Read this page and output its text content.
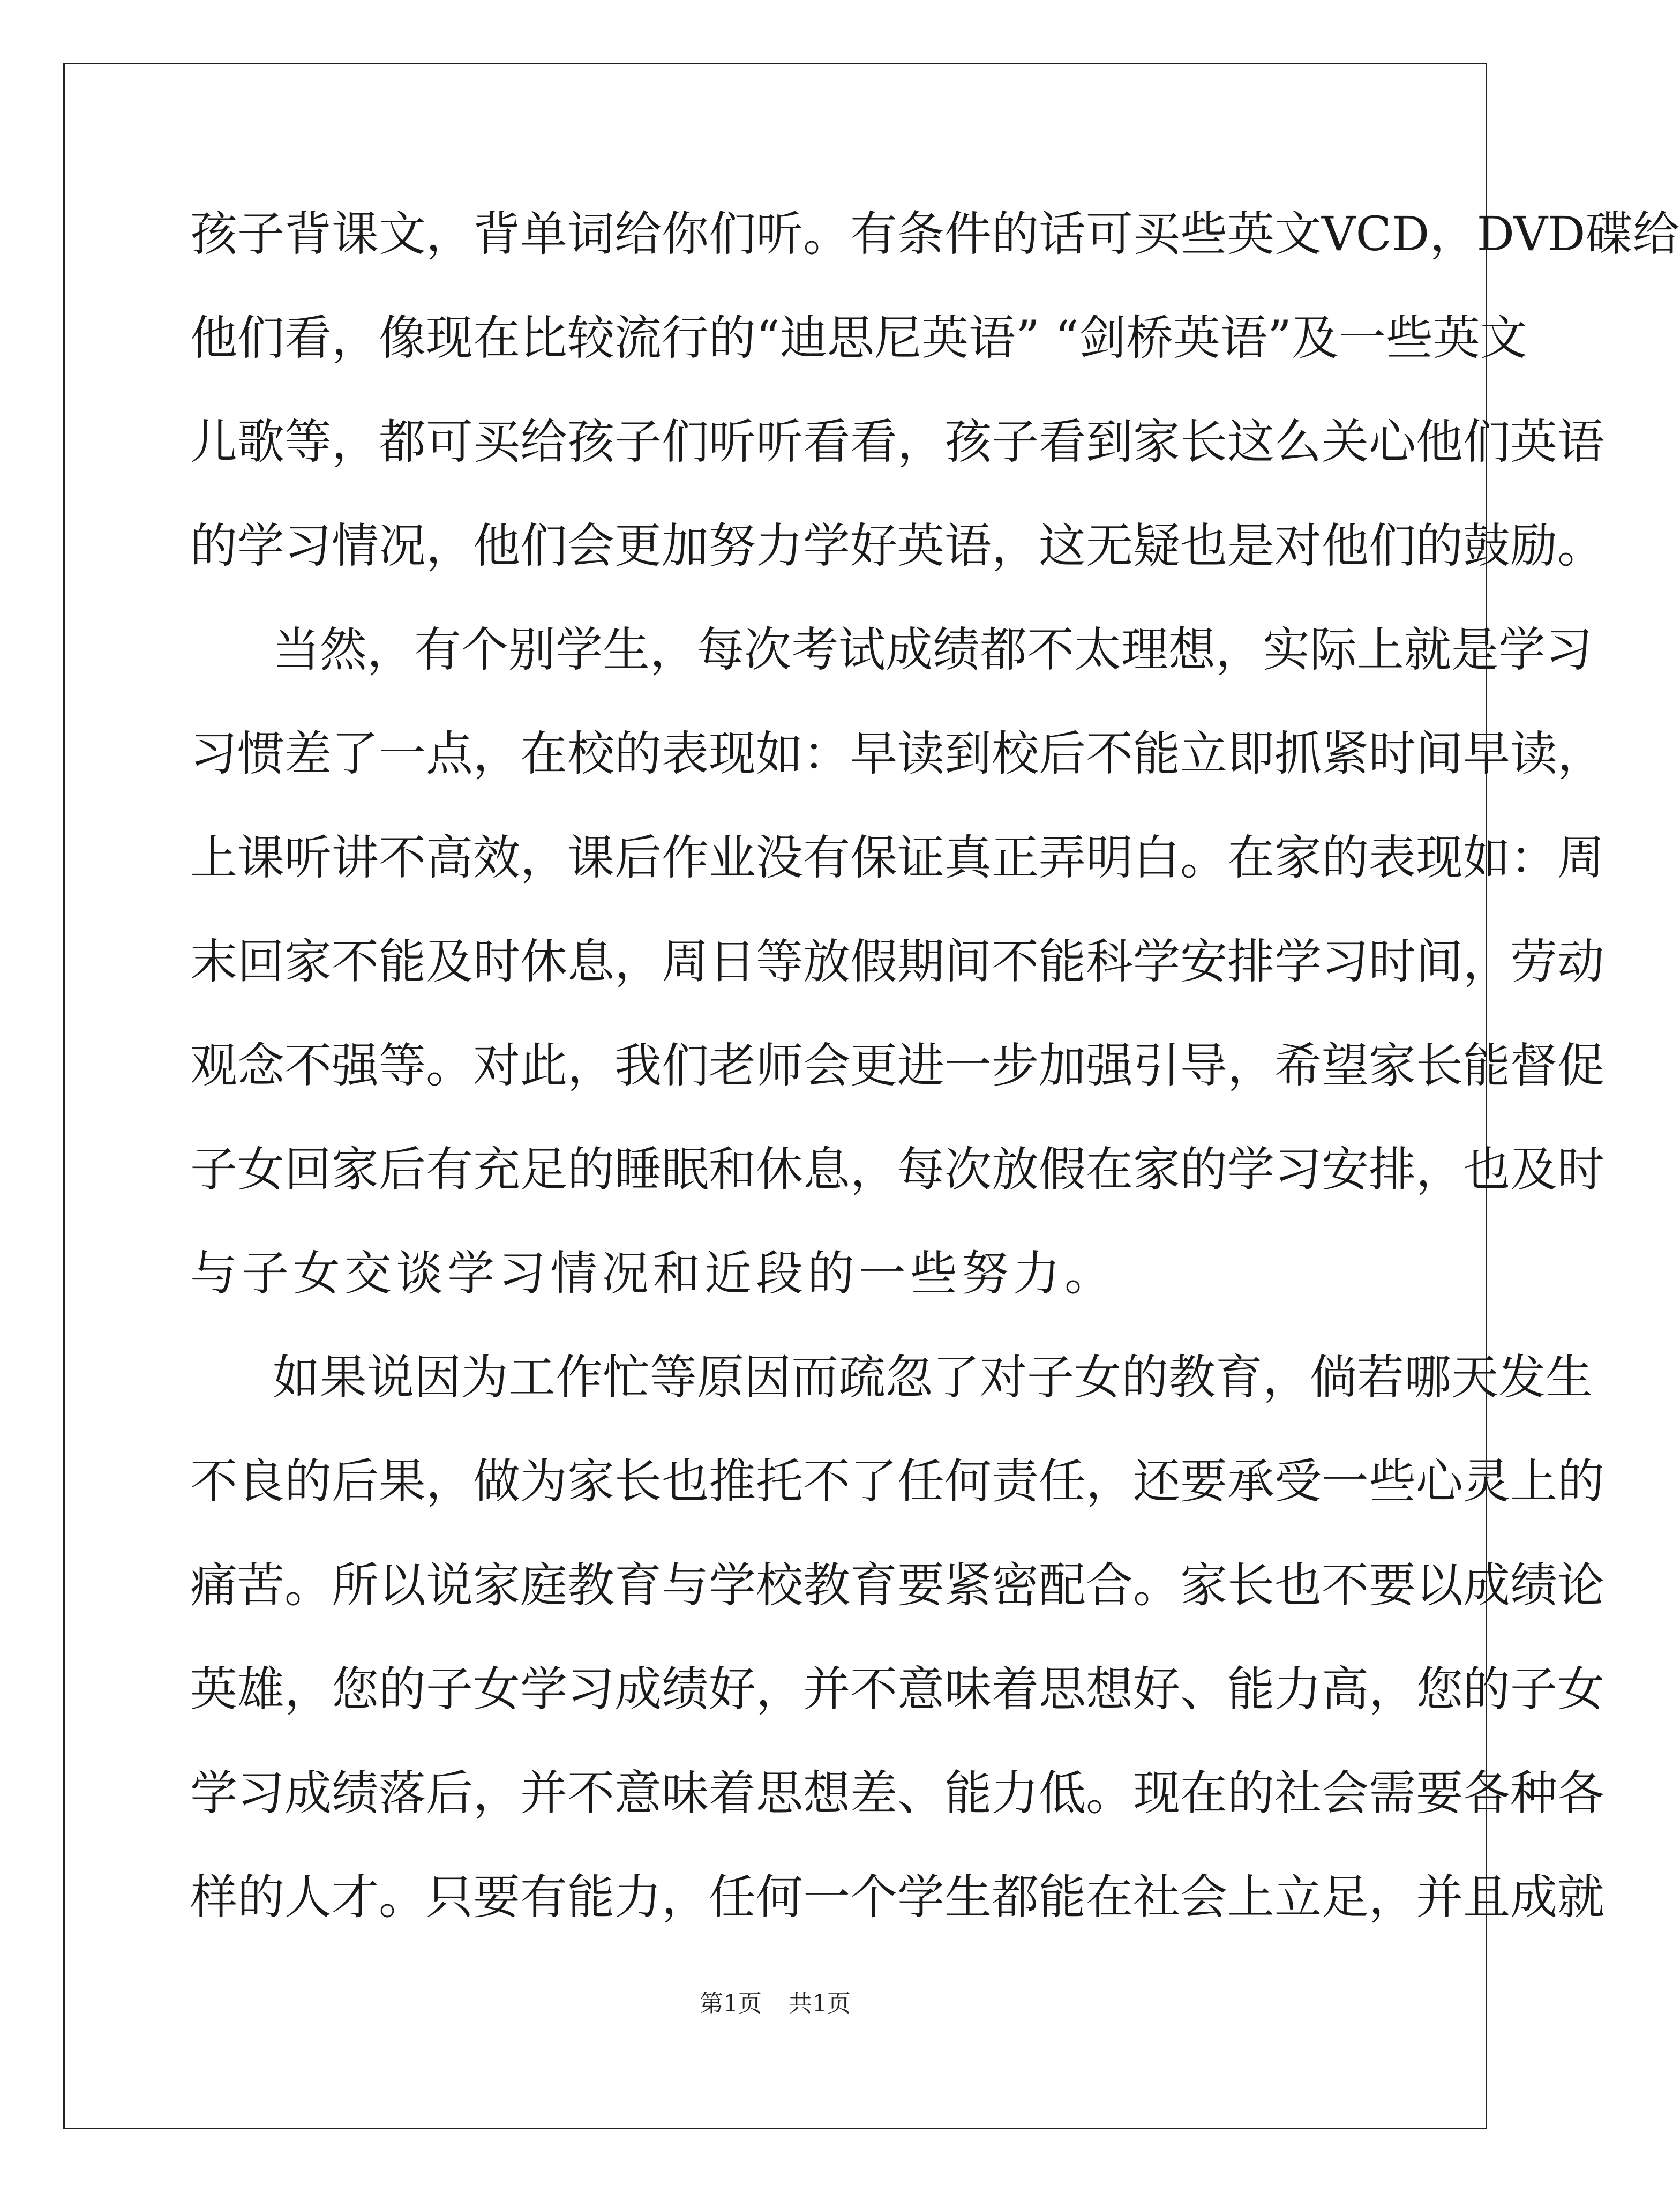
孩子背课文，背单词给你们听。有条件的话可买些英文VCD，DVD碟给
他们看，像现在比较流行的“迪思尼英语” “剑桥英语”及一些英文
儿歌等，都可买给孩子们听听看看，孩子看到家长这么关心他们英语
的学习情况，他们会更加努力学好英语，这无疑也是对他们的鼓励。
当然，有个别学生，每次考试成绩都不太理想，实际上就是学习
习惯差了一点，在校的表现如：早读到校后不能立即抓紧时间早读，
上课听讲不高效，课后作业没有保证真正弄明白。在家的表现如：周
末回家不能及时休息，周日等放假期间不能科学安排学习时间，劳动
观念不强等。对此，我们老师会更进一步加强引导，希望家长能督促
子女回家后有充足的睡眠和休息，每次放假在家的学习安排，也及时
与子女交谈学习情况和近段的一些努力。
如果说因为工作忙等原因而疏忽了对子女的教育，倘若哪天发生
不良的后果，做为家长也推托不了任何责任，还要承受一些心灵上的
痛苦。所以说家庭教育与学校教育要紧密配合。家长也不要以成绩论
英雄，您的子女学习成绩好，并不意味着思想好、能力高，您的子女
学习成绩落后，并不意味着思想差、能力低。现在的社会需要各种各
样的人才。只要有能力，任何一个学生都能在社会上立足，并且成就
第1页 共1页
